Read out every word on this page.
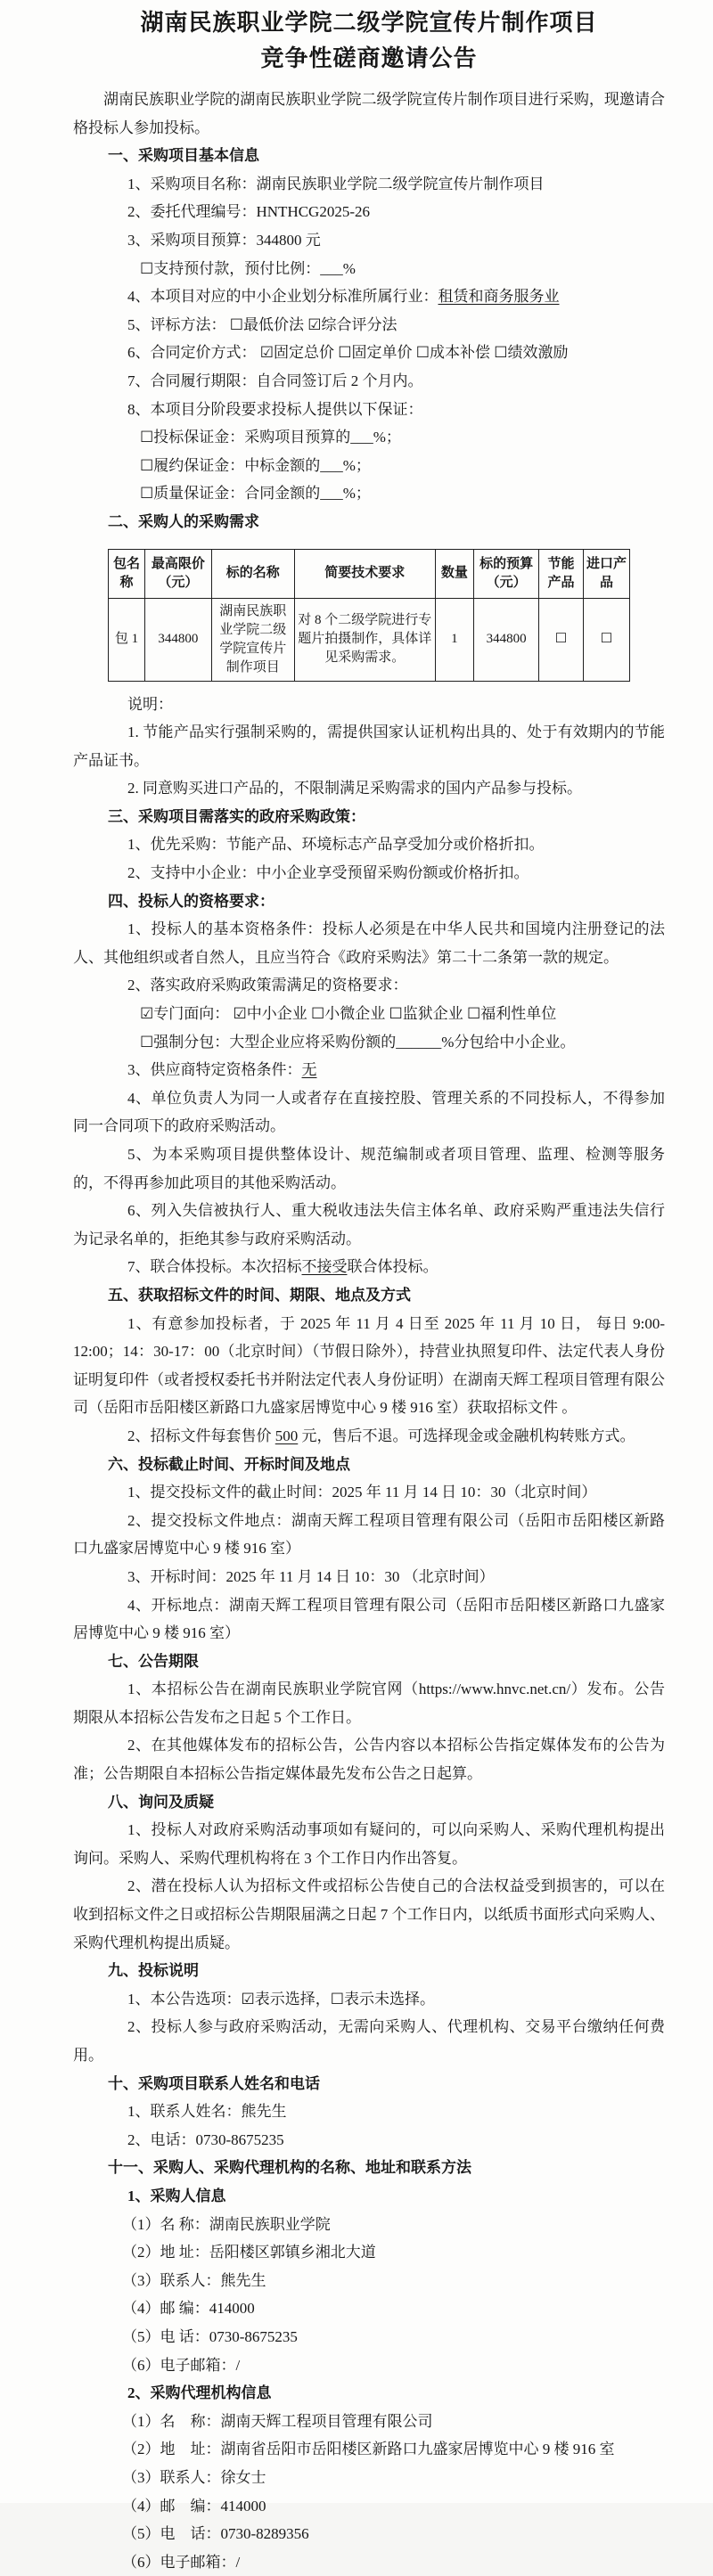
湖南民族职业学院二级学院宣传片制作项目
竞争性磋商邀请公告
湖南民族职业学院的湖南民族职业学院二级学院宣传片制作项目进行采购，现邀请合格投标人参加投标。
一、采购项目基本信息
1、采购项目名称：湖南民族职业学院二级学院宣传片制作项目
2、委托代理编号：HNTHCG2025-26
3、采购项目预算：344800 元
☐支持预付款，预付比例：___%
4、本项目对应的中小企业划分标准所属行业：租赁和商务服务业
5、评标方法： ☐最低价法 ☑综合评分法
6、合同定价方式： ☑固定总价 ☐固定单价 ☐成本补偿 ☐绩效激励
7、合同履行期限：自合同签订后 2 个月内。
8、本项目分阶段要求投标人提供以下保证：
☐投标保证金：采购项目预算的___%；
☐履约保证金：中标金额的___%；
☐质量保证金：合同金额的___%；
二、采购人的采购需求
包名称	最高限价（元）	标的名称	简要技术要求	数量	标的预算（元）	节能产品	进口产品
包 1	344800	湖南民族职业学院二级学院宣传片制作项目	对 8 个二级学院进行专题片拍摄制作，具体详见采购需求。	1	344800	☐	☐
说明：
1. 节能产品实行强制采购的，需提供国家认证机构出具的、处于有效期内的节能产品证书。
2. 同意购买进口产品的，不限制满足采购需求的国内产品参与投标。
三、采购项目需落实的政府采购政策：
1、优先采购：节能产品、环境标志产品享受加分或价格折扣。
2、支持中小企业：中小企业享受预留采购份额或价格折扣。
四、投标人的资格要求：
1、投标人的基本资格条件：投标人必须是在中华人民共和国境内注册登记的法人、其他组织或者自然人，且应当符合《政府采购法》第二十二条第一款的规定。
2、落实政府采购政策需满足的资格要求：
☑专门面向： ☑中小企业 ☐小微企业 ☐监狱企业 ☐福利性单位
☐强制分包：大型企业应将采购份额的______%分包给中小企业。
3、供应商特定资格条件：无
4、单位负责人为同一人或者存在直接控股、管理关系的不同投标人，不得参加同一合同项下的政府采购活动。
5、为本采购项目提供整体设计、规范编制或者项目管理、监理、检测等服务的，不得再参加此项目的其他采购活动。
6、列入失信被执行人、重大税收违法失信主体名单、政府采购严重违法失信行为记录名单的，拒绝其参与政府采购活动。
7、联合体投标。本次招标不接受联合体投标。
五、获取招标文件的时间、期限、地点及方式
1、有意参加投标者，于 2025 年 11 月 4 日至 2025 年 11 月 10 日， 每日 9:00-12:00；14：30-17：00（北京时间）（节假日除外），持营业执照复印件、法定代表人身份证明复印件（或者授权委托书并附法定代表人身份证明）在湖南天辉工程项目管理有限公司（岳阳市岳阳楼区新路口九盛家居博览中心 9 楼 916 室）获取招标文件 。
2、招标文件每套售价 500 元，售后不退。可选择现金或金融机构转账方式。
六、投标截止时间、开标时间及地点
1、提交投标文件的截止时间：2025 年 11 月 14 日 10：30（北京时间）
2、提交投标文件地点：湖南天辉工程项目管理有限公司（岳阳市岳阳楼区新路口九盛家居博览中心 9 楼 916 室）
3、开标时间：2025 年 11 月 14 日 10：30 （北京时间）
4、开标地点：湖南天辉工程项目管理有限公司（岳阳市岳阳楼区新路口九盛家居博览中心 9 楼 916 室）
七、公告期限
1、本招标公告在湖南民族职业学院官网（https://www.hnvc.net.cn/）发布。公告期限从本招标公告发布之日起 5 个工作日。
2、在其他媒体发布的招标公告，公告内容以本招标公告指定媒体发布的公告为准；公告期限自本招标公告指定媒体最先发布公告之日起算。
八、询问及质疑
1、投标人对政府采购活动事项如有疑问的，可以向采购人、采购代理机构提出询问。采购人、采购代理机构将在 3 个工作日内作出答复。
2、潜在投标人认为招标文件或招标公告使自己的合法权益受到损害的，可以在收到招标文件之日或招标公告期限届满之日起 7 个工作日内，以纸质书面形式向采购人、采购代理机构提出质疑。
九、投标说明
1、本公告选项：☑表示选择，☐表示未选择。
2、投标人参与政府采购活动，无需向采购人、代理机构、交易平台缴纳任何费用。
十、采购项目联系人姓名和电话
1、联系人姓名：熊先生
2、电话：0730-8675235
十一、采购人、采购代理机构的名称、地址和联系方法
1、采购人信息
（1）名 称：湖南民族职业学院
（2）地 址：岳阳楼区郭镇乡湘北大道
（3）联系人：熊先生
（4）邮 编：414000
（5）电 话：0730-8675235
（6）电子邮箱：/
2、采购代理机构信息
（1）名　称：湖南天辉工程项目管理有限公司
（2）地　址：湖南省岳阳市岳阳楼区新路口九盛家居博览中心 9 楼 916 室
（3）联系人：徐女士
（4）邮　编：414000
（5）电　话：0730-8289356
（6）电子邮箱：/
